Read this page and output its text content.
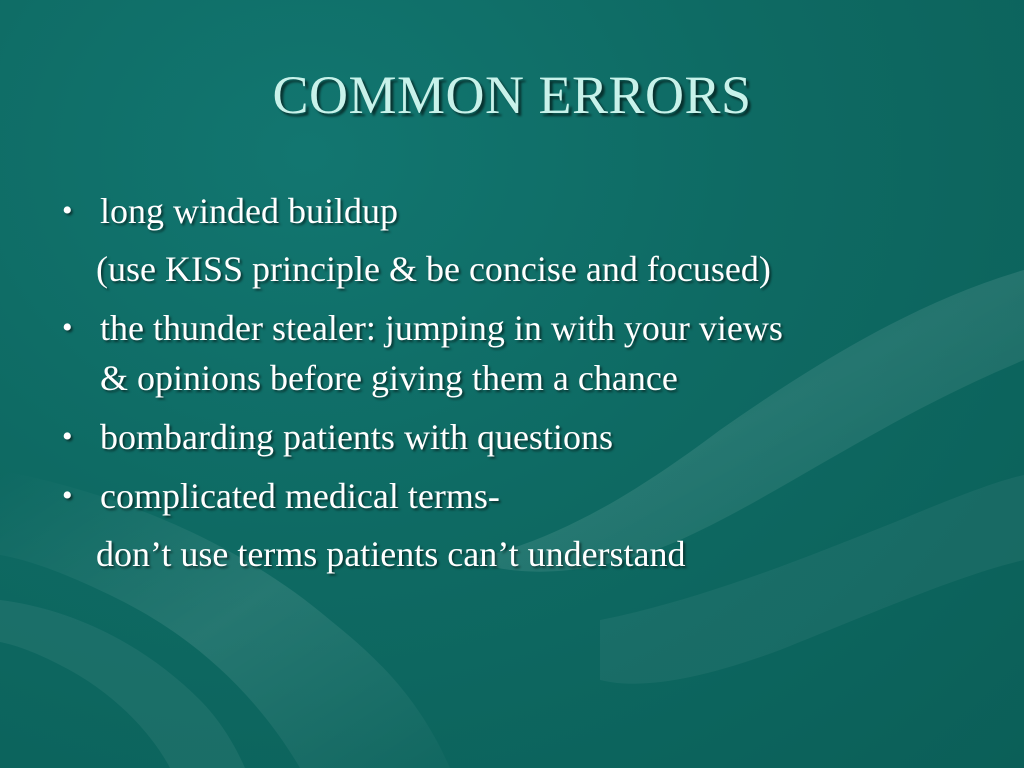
COMMON ERRORS
• long winded buildup
(use KISS principle & be concise and focused)
• the thunder stealer: jumping in with your views
& opinions before giving them a chance
• bombarding patients with questions
• complicated medical terms-
don’t use terms patients can’t understand
